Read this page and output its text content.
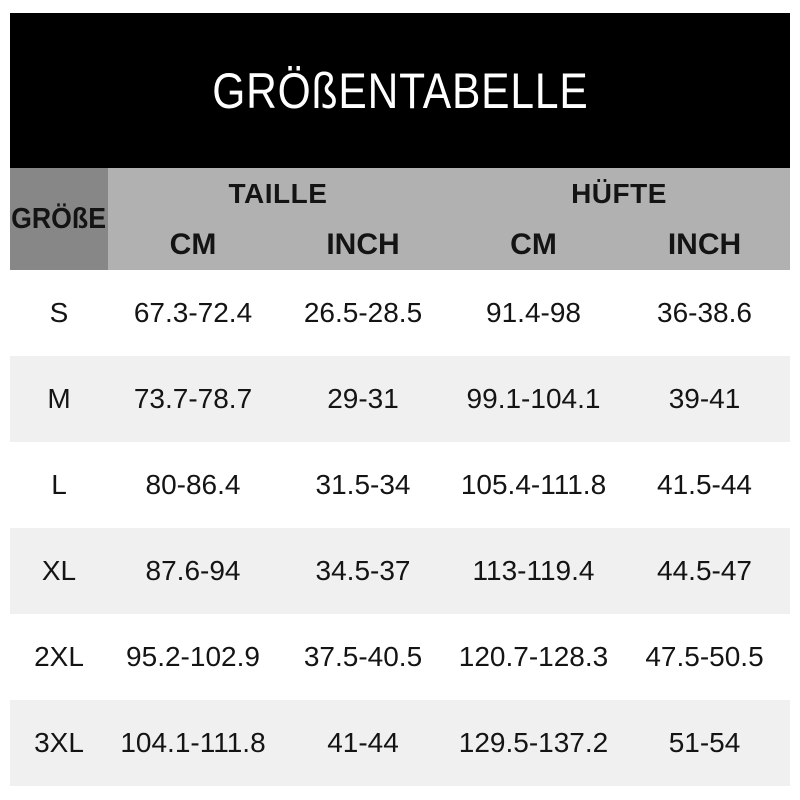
GRÖßENTABELLE
GRÖßE
TAILLE	HÜFTE
CM	INCH	CM	INCH
S	67.3-72.4	26.5-28.5	91.4-98	36-38.6
M	73.7-78.7	29-31	99.1-104.1	39-41
L	80-86.4	31.5-34	105.4-111.8	41.5-44
XL	87.6-94	34.5-37	113-119.4	44.5-47
2XL	95.2-102.9	37.5-40.5	120.7-128.3	47.5-50.5
3XL	104.1-111.8	41-44	129.5-137.2	51-54
